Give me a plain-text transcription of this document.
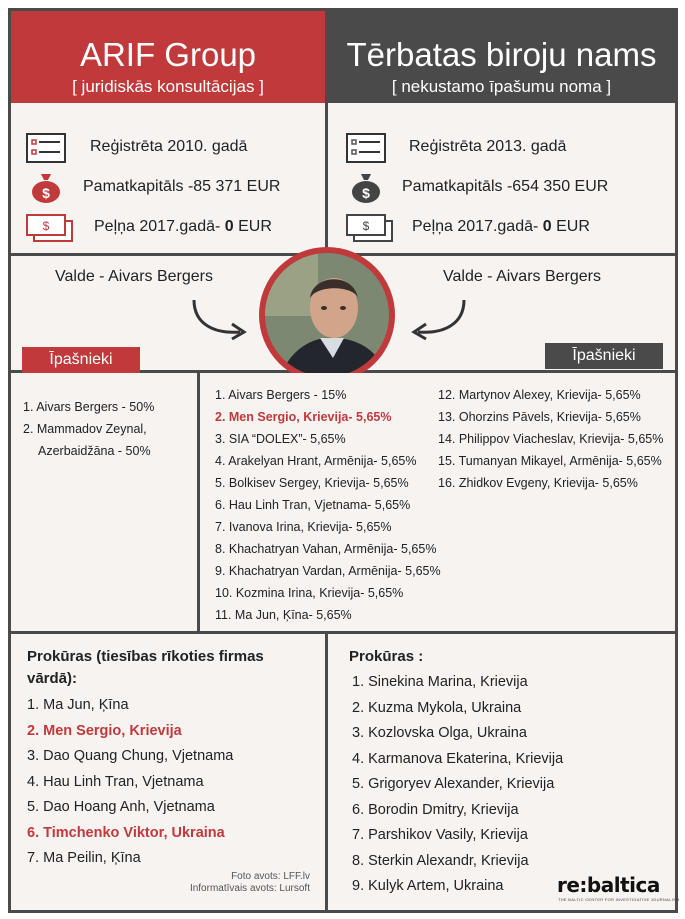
ARIF Group
[ juridiskās konsultācijas ]
Tērbatas biroju nams
[ nekustamo īpašumu noma ]
Reģistrēta 2010. gadā
$ Pamatkapitāls -85 371 EUR
$	Peļņa 2017.gadā- 0 EUR
Reģistrēta 2013. gadā
$ Pamatkapitāls -654 350 EUR
$	Peļņa 2017.gadā- 0 EUR
Valde - Aivars Bergers	Valde - Aivars Bergers
Īpašnieki	Īpašnieki
1. Aivars Bergers - 50%
2. Mammadov Zeynal,
Azerbaidžāna - 50%
1. Aivars Bergers - 15%
2. Men Sergio, Krievija- 5,65%
3. SIA “DOLEX”- 5,65%
4. Arakelyan Hrant, Armēnija- 5,65%
5. Bolkisev Sergey, Krievija- 5,65%
6. Hau Linh Tran, Vjetnama- 5,65%
7. Ivanova Irina, Krievija- 5,65%
8. Khachatryan Vahan, Armēnija- 5,65%
9. Khachatryan Vardan, Armēnija- 5,65%
10. Kozmina Irina, Krievija- 5,65%
11. Ma Jun, Ķīna- 5,65%
12. Martynov Alexey, Krievija- 5,65%
13. Ohorzins Pāvels, Krievija- 5,65%
14. Philippov Viacheslav, Krievija- 5,65%
15. Tumanyan Mikayel, Armēnija- 5,65%
16. Zhidkov Evgeny, Krievija- 5,65%
Prokūras (tiesības rīkoties firmas
vārdā):
1. Ma Jun, Ķīna
2. Men Sergio, Krievija
3. Dao Quang Chung, Vjetnama
4. Hau Linh Tran, Vjetnama
5. Dao Hoang Anh, Vjetnama
6. Timchenko Viktor, Ukraina
7. Ma Peilin, Ķīna
Foto avots: LFF.lv
Informatīvais avots: Lursoft
Prokūras :
1. Sinekina Marina, Krievija
2. Kuzma Mykola, Ukraina
3. Kozlovska Olga, Ukraina
4. Karmanova Ekaterina, Krievija
5. Grigoryev Alexander, Krievija
6. Borodin Dmitry, Krievija
7. Parshikov Vasily, Krievija
8. Sterkin Alexandr, Krievija
9. Kulyk Artem, Ukraina	re:baltica
THE BALTIC CENTER FOR INVESTIGATIVE JOURNALISM
